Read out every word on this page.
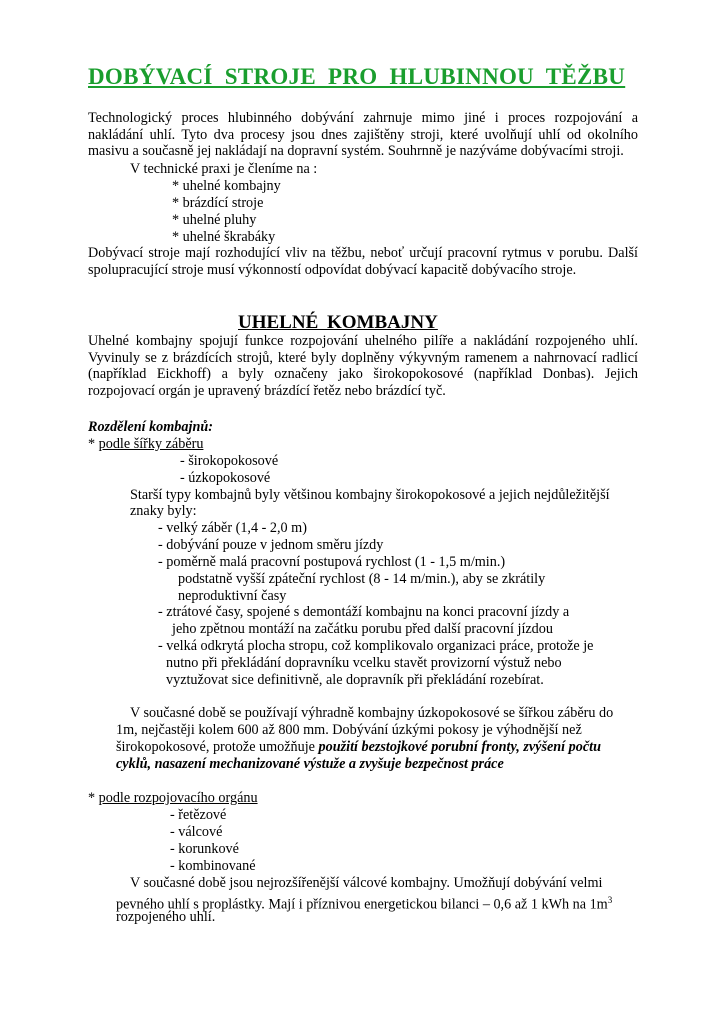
DOBÝVACÍ STROJE PRO HLUBINNOU TĚŽBU

Technologický proces hlubinného dobývání zahrnuje mimo jiné i proces rozpojování a nakládání uhlí. Tyto dva procesy jsou dnes zajištěny stroji, které uvolňují uhlí od okolního masivu a současně jej nakládají na dopravní systém. Souhrnně je nazýváme dobývacími stroji.

V technické praxi je členíme na :

* uhelné kombajny

* brázdící stroje

* uhelné pluhy

* uhelné škrabáky

Dobývací stroje mají rozhodující vliv na těžbu, neboť určují pracovní rytmus v porubu. Další spolupracující stroje musí výkonností odpovídat dobývací kapacitě dobývacího stroje.

UHELNÉ KOMBAJNY

Uhelné kombajny spojují funkce rozpojování uhelného pilíře a nakládání rozpojeného uhlí. Vyvinuly se z brázdících strojů, které byly doplněny výkyvným ramenem a nahrnovací radlicí (například Eickhoff) a byly označeny jako širokopokosové (například Donbas). Jejich rozpojovací orgán je upravený brázdící řetěz nebo brázdící tyč.

Rozdělení kombajnů:

* podle šířky záběru

- širokopokosové

- úzkopokosové

Starší typy kombajnů byly většinou kombajny širokopokosové a jejich nejdůležitější

znaky byly:

- velký záběr (1,4 - 2,0 m)

- dobývání pouze v jednom směru jízdy

- poměrně malá pracovní postupová rychlost (1 - 1,5 m/min.)

podstatně vyšší zpáteční rychlost (8 - 14 m/min.), aby se zkrátily

neproduktivní časy

- ztrátové časy, spojené s demontáží kombajnu na konci pracovní jízdy a

jeho zpětnou montáží na začátku porubu před další pracovní jízdou

- velká odkrytá plocha stropu, což komplikovalo organizaci práce, protože je

nutno při překládání dopravníku vcelku stavět provizorní výstuž nebo

vyztužovat sice definitivně, ale dopravník při překládání rozebírat.

V současné době se používají výhradně kombajny úzkopokosové se šířkou záběru do

1m, nejčastěji kolem 600 až 800 mm. Dobývání úzkými pokosy je výhodnější než

širokopokosové, protože umožňuje použití bezstojkové porubní fronty, zvýšení počtu

cyklů, nasazení mechanizované výstuže a zvyšuje bezpečnost práce

* podle rozpojovacího orgánu

- řetězové

- válcové

- korunkové

- kombinované

V současné době jsou nejrozšířenější válcové kombajny. Umožňují dobývání velmi

pevného uhlí s proplástky. Mají i příznivou energetickou bilanci – 0,6 až 1 kWh na $1m^3$

rozpojeného uhlí.
